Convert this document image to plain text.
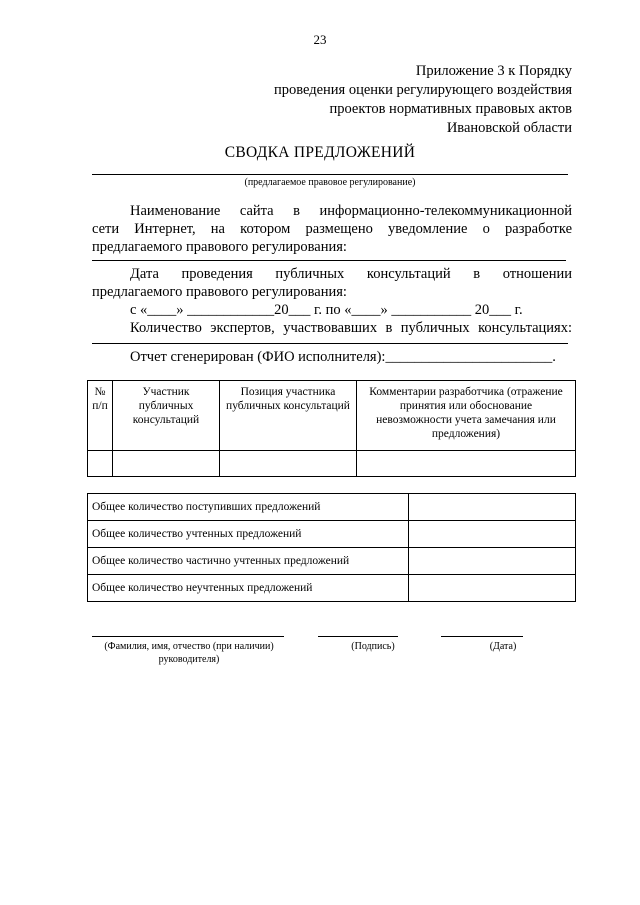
23
Приложение 3 к Порядку
проведения оценки регулирующего воздействия
проектов нормативных правовых актов
Ивановской области
СВОДКА ПРЕДЛОЖЕНИЙ
(предлагаемое правовое регулирование)
Наименование сайта в информационно-телекоммуникационной
сети Интернет, на котором размещено уведомление о разработке
предлагаемого правового регулирования:
Дата проведения публичных консультаций в отношении
предлагаемого правового регулирования:
с «____» ____________20___ г. по «____» ___________ 20___ г.
Количество экспертов, участвовавших в публичных консультациях:
Отчет сгенерирован (ФИО исполнителя):_______________________.
№ п/п	Участник публичных консультаций	Позиция участника публичных консультаций	Комментарии разработчика (отражение принятия или обоснование невозможности учета замечания или предложения)

Общее количество поступивших предложений	
Общее количество учтенных предложений	
Общее количество частично учтенных предложений	
Общее количество неучтенных предложений	
(Фамилия, имя, отчество (при наличии)
руководителя)
(Подпись)	(Дата)
